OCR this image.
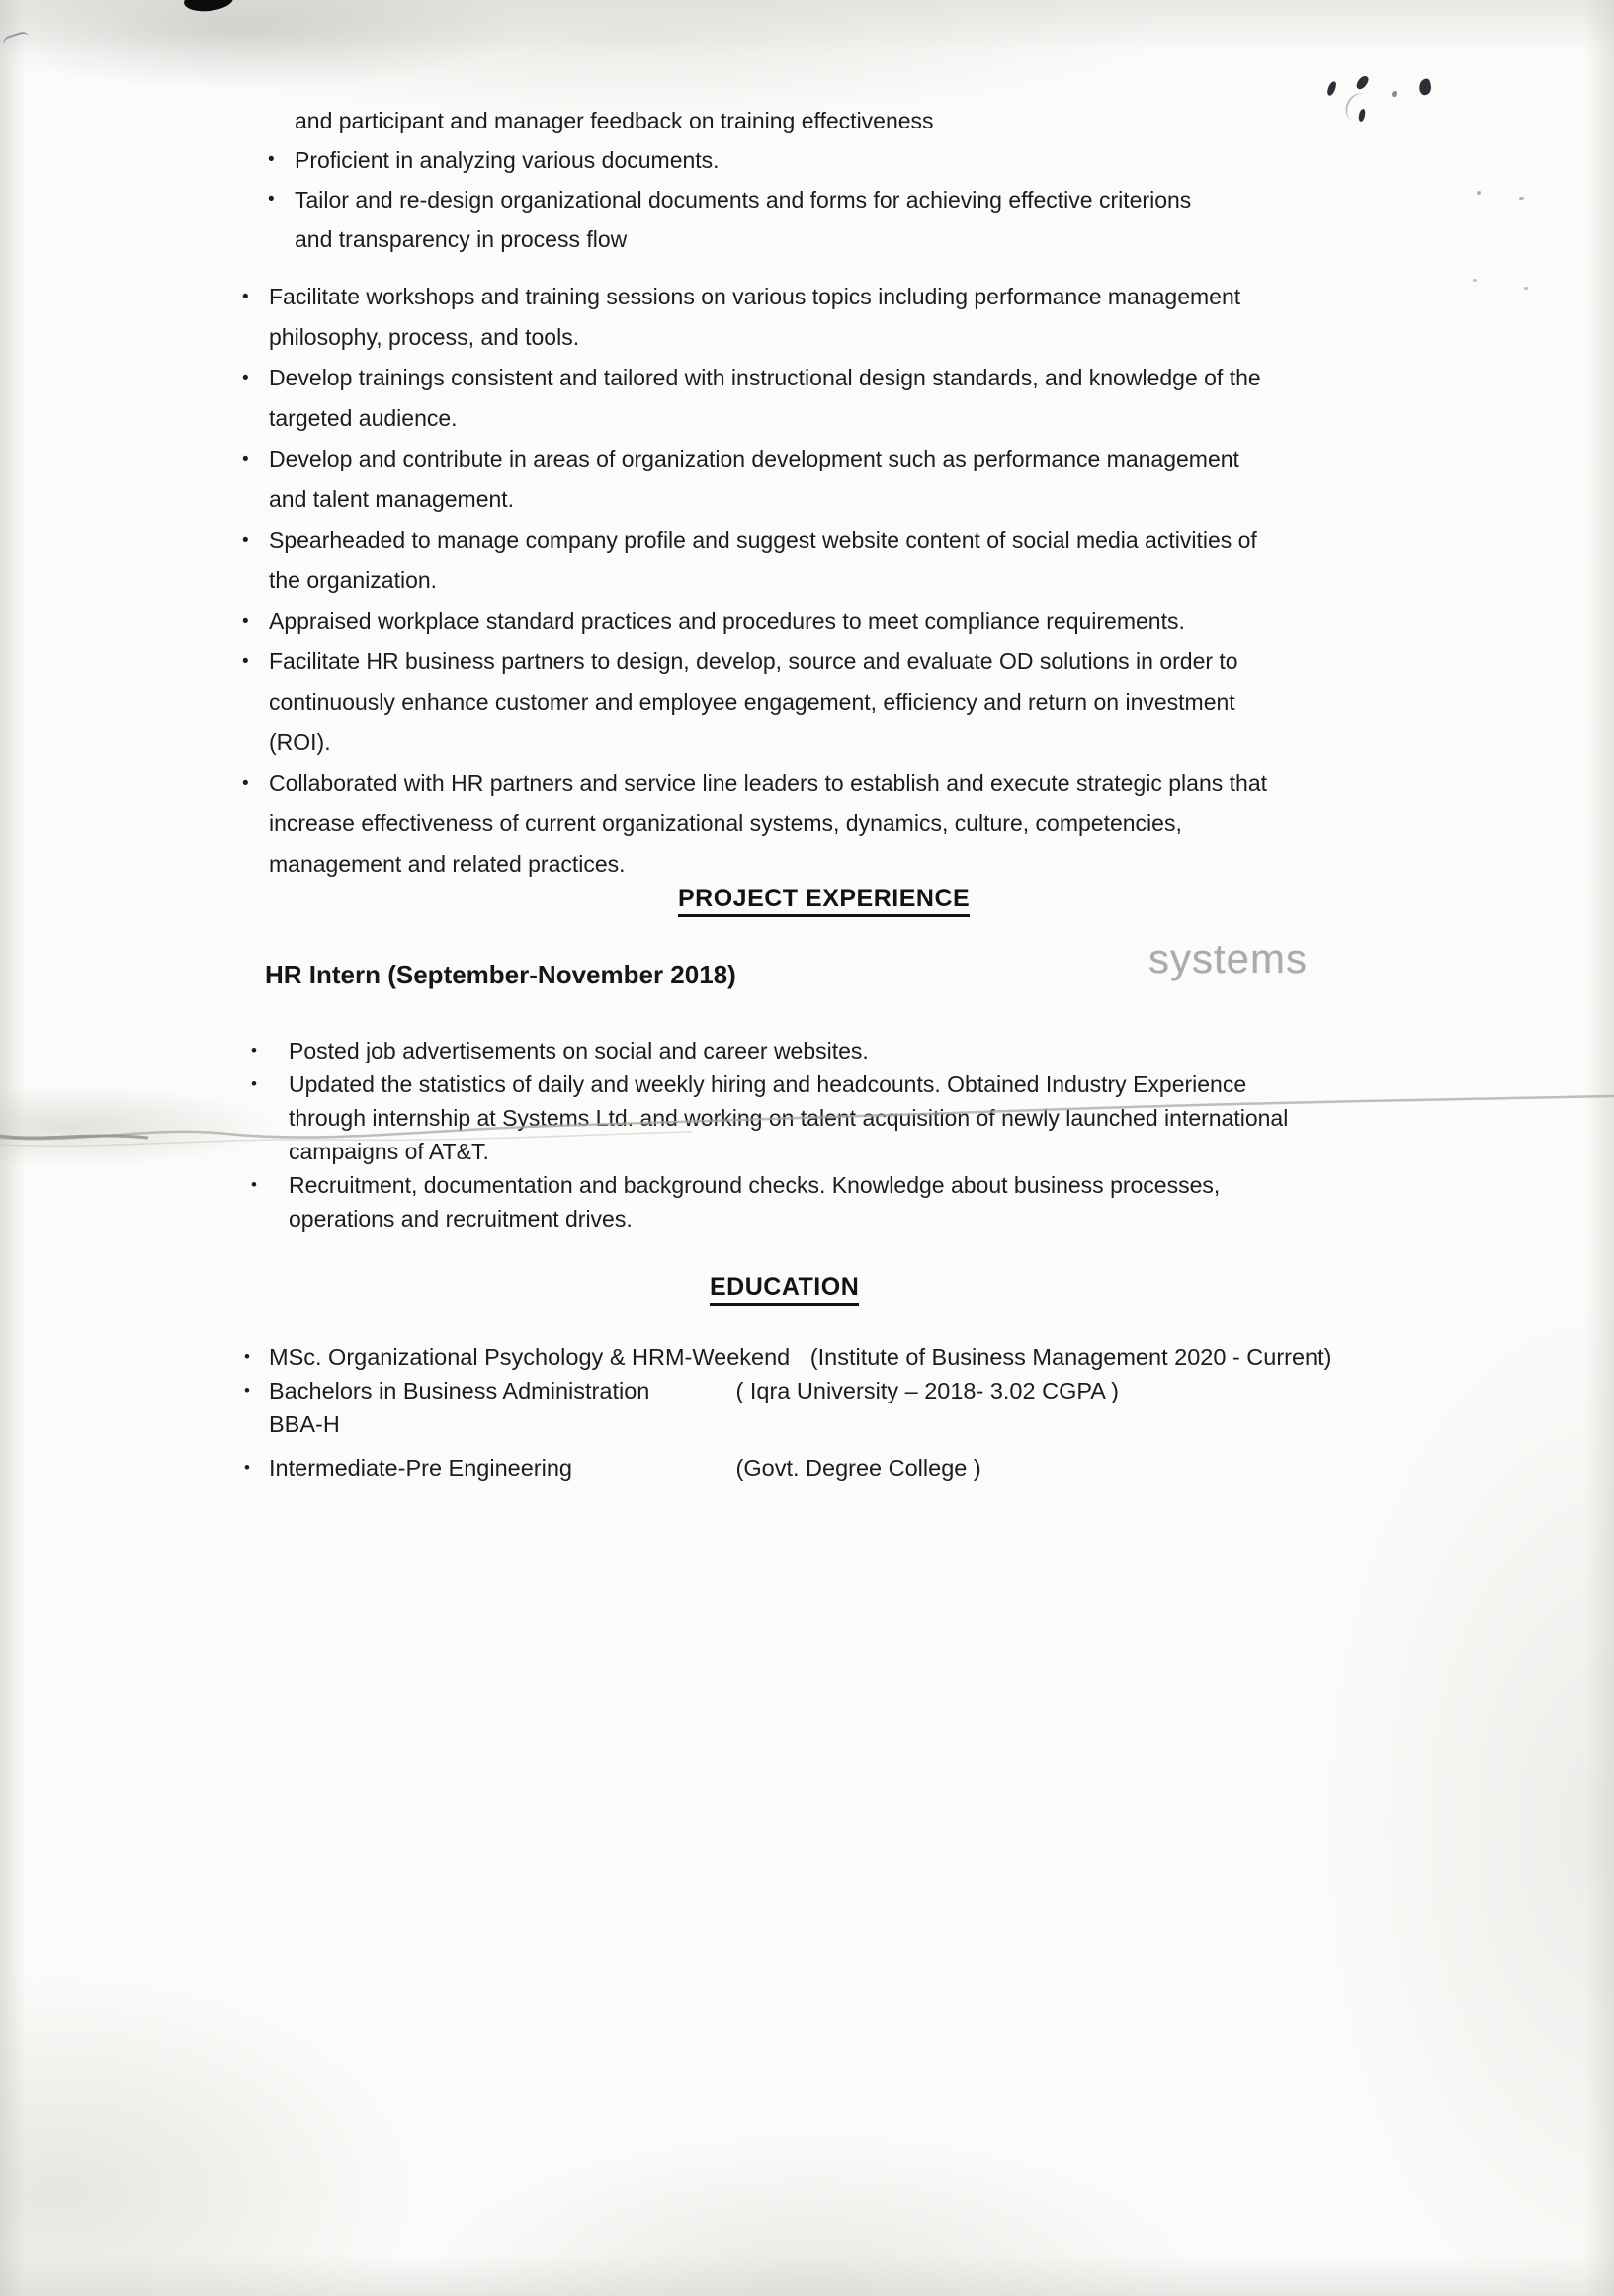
and participant and manager feedback on training effectiveness
• Proficient in analyzing various documents.
• Tailor and re-design organizational documents and forms for achieving effective criterions
and transparency in process flow
• Facilitate workshops and training sessions on various topics including performance management
philosophy, process, and tools.
• Develop trainings consistent and tailored with instructional design standards, and knowledge of the
targeted audience.
• Develop and contribute in areas of organization development such as performance management
and talent management.
• Spearheaded to manage company profile and suggest website content of social media activities of
the organization.
• Appraised workplace standard practices and procedures to meet compliance requirements.
• Facilitate HR business partners to design, develop, source and evaluate OD solutions in order to
continuously enhance customer and employee engagement, efficiency and return on investment
(ROI).
• Collaborated with HR partners and service line leaders to establish and execute strategic plans that
increase effectiveness of current organizational systems, dynamics, culture, competencies,
management and related practices.
PROJECT EXPERIENCE
HR Intern (September-November 2018)	systems
• Posted job advertisements on social and career websites.
• Updated the statistics of daily and weekly hiring and headcounts. Obtained Industry Experience
through internship at Systems Ltd. and working on talent acquisition of newly launched international
campaigns of AT&T.
• Recruitment, documentation and background checks. Knowledge about business processes,
operations and recruitment drives.
EDUCATION
• MSc. Organizational Psychology & HRM-Weekend (Institute of Business Management 2020 - Current)
• Bachelors in Business Administration	( Iqra University – 2018- 3.02 CGPA )
BBA-H
• Intermediate-Pre Engineering	(Govt. Degree College )
